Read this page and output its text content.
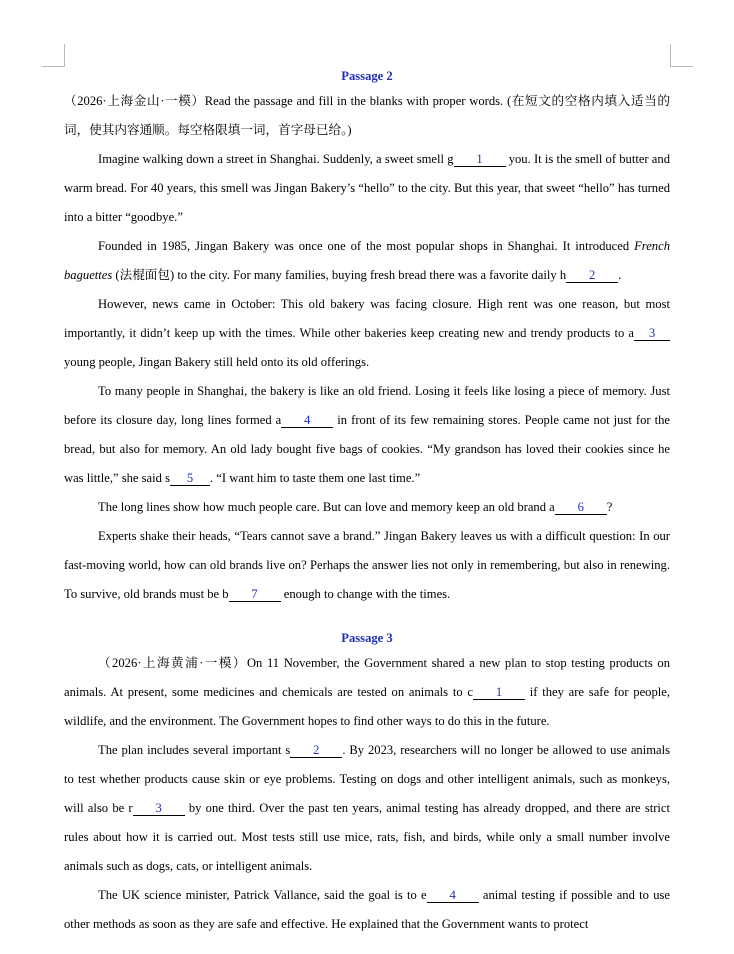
Passage 2

（2026·上海金山·一模）Read the passage and fill in the blanks with proper words. (在短文的空格内填入适当的词，使其内容通顺。每空格限填一词，首字母已给。)

Imagine walking down a street in Shanghai. Suddenly, a sweet smell g 1 you. It is the smell of butter and warm bread. For 40 years, this smell was Jingan Bakery’s “hello” to the city. But this year, that sweet “hello” has turned into a bitter “goodbye.”

Founded in 1985, Jingan Bakery was once one of the most popular shops in Shanghai. It introduced French baguettes (法棍面包) to the city. For many families, buying fresh bread there was a favorite daily h 2 .

However, news came in October: This old bakery was facing closure. High rent was one reason, but most importantly, it didn’t keep up with the times. While other bakeries keep creating new and trendy products to a 3 young people, Jingan Bakery still held onto its old offerings.

To many people in Shanghai, the bakery is like an old friend. Losing it feels like losing a piece of memory. Just before its closure day, long lines formed a 4 in front of its few remaining stores. People came not just for the bread, but also for memory. An old lady bought five bags of cookies. “My grandson has loved their cookies since he was little,” she said s 5 . “I want him to taste them one last time.”

The long lines show how much people care. But can love and memory keep an old brand a 6 ?

Experts shake their heads, “Tears cannot save a brand.” Jingan Bakery leaves us with a difficult question: In our fast-moving world, how can old brands live on? Perhaps the answer lies not only in remembering, but also in renewing. To survive, old brands must be b 7 enough to change with the times.

Passage 3

（2026·上海黄浦·一模）On 11 November, the Government shared a new plan to stop testing products on animals. At present, some medicines and chemicals are tested on animals to c 1 if they are safe for people, wildlife, and the environment. The Government hopes to find other ways to do this in the future.

The plan includes several important s 2 . By 2023, researchers will no longer be allowed to use animals to test whether products cause skin or eye problems. Testing on dogs and other intelligent animals, such as monkeys, will also be r 3 by one third. Over the past ten years, animal testing has already dropped, and there are strict rules about how it is carried out. Most tests still use mice, rats, fish, and birds, while only a small number involve animals such as dogs, cats, or intelligent animals.

The UK science minister, Patrick Vallance, said the goal is to e 4 animal testing if possible and to use other methods as soon as they are safe and effective. He explained that the Government wants to protect
